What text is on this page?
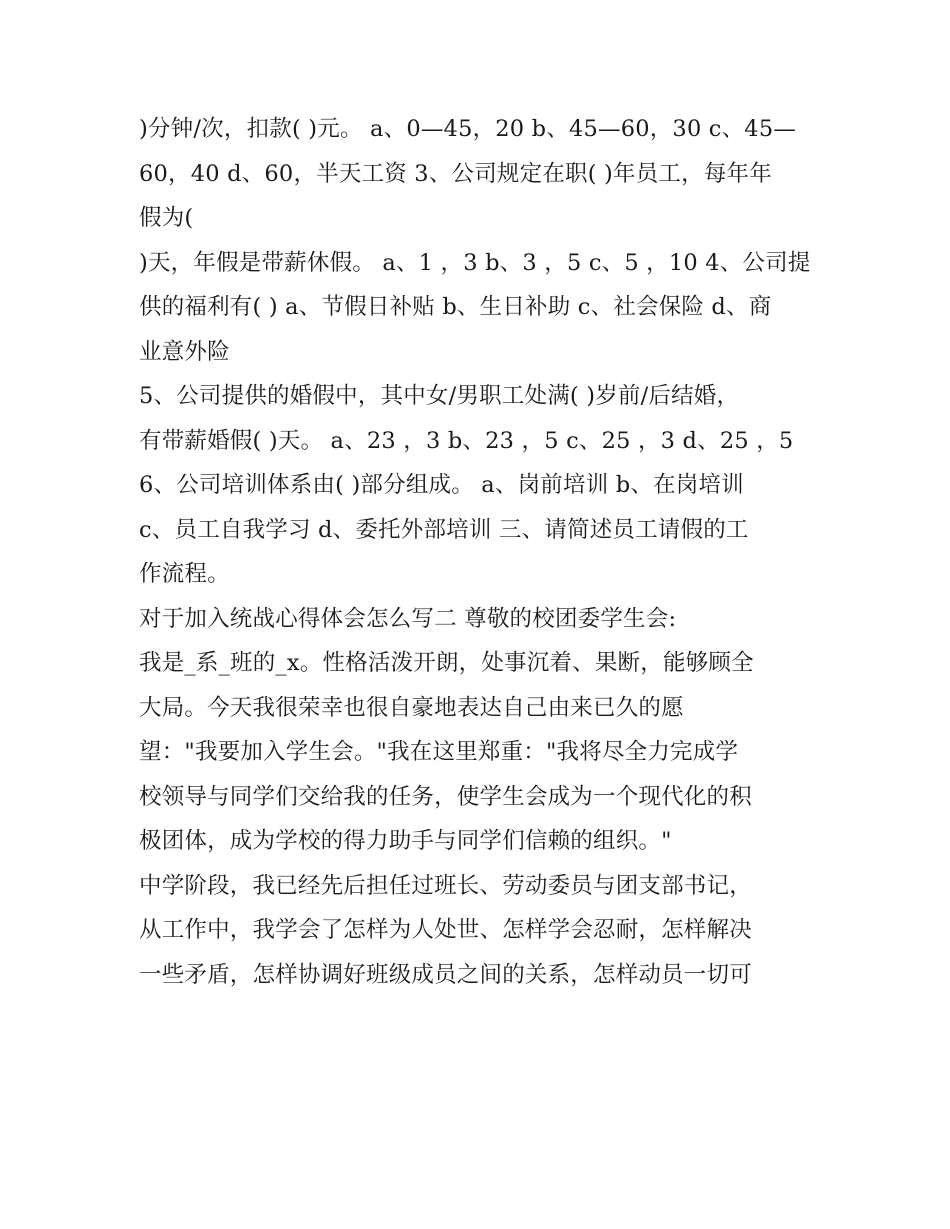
)分钟/次，扣款( )元。 a、0—45，20 b、45—60，30 c、45—
60，40 d、60，半天工资 3、公司规定在职( )年员工，每年年
假为(
)天，年假是带薪休假。 a、1 ，3 b、3 ，5 c、5 ，10 4、公司提
供的福利有( ) a、节假日补贴 b、生日补助 c、社会保险 d、商
业意外险
5、公司提供的婚假中，其中女/男职工处满( )岁前/后结婚，
有带薪婚假( )天。 a、23 ，3 b、23 ，5 c、25 ，3 d、25 ，5
6、公司培训体系由( )部分组成。 a、岗前培训 b、在岗培训
c、员工自我学习 d、委托外部培训 三、请简述员工请假的工
作流程。
对于加入统战心得体会怎么写二 尊敬的校团委学生会:
我是_系_班的_x。性格活泼开朗，处事沉着、果断，能够顾全
大局。今天我很荣幸也很自豪地表达自己由来已久的愿
望："我要加入学生会。"我在这里郑重："我将尽全力完成学
校领导与同学们交给我的任务，使学生会成为一个现代化的积
极团体，成为学校的得力助手与同学们信赖的组织。"
中学阶段，我已经先后担任过班长、劳动委员与团支部书记，
从工作中，我学会了怎样为人处世、怎样学会忍耐，怎样解决
一些矛盾，怎样协调好班级成员之间的关系，怎样动员一切可
